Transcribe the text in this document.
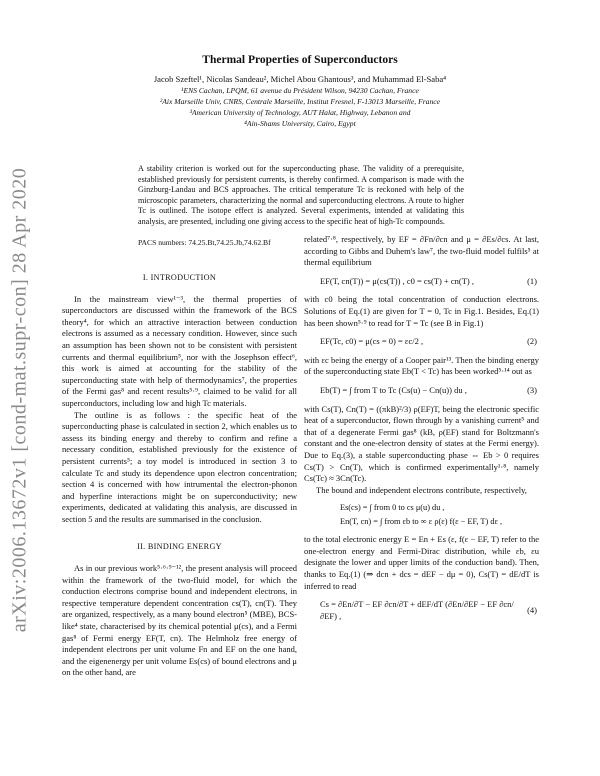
arXiv:2006.13672v1 [cond-mat.supr-con] 28 Apr 2020
Thermal Properties of Superconductors
Jacob Szeftel¹, Nicolas Sandeau², Michel Abou Ghantous³, and Muhammad El-Saba⁴
¹ENS Cachan, LPQM, 61 avenue du Président Wilson, 94230 Cachan, France
²Aix Marseille Univ, CNRS, Centrale Marseille, Institut Fresnel, F-13013 Marseille, France
³American University of Technology, AUT Halat, Highway, Lebanon and
⁴Ain-Shams University, Cairo, Egypt
A stability criterion is worked out for the superconducting phase. The validity of a prerequisite, established previously for persistent currents, is thereby confirmed. A comparison is made with the Ginzburg-Landau and BCS approaches. The critical temperature Tc is reckoned with help of the microscopic parameters, characterizing the normal and superconducting electrons. A route to higher Tc is outlined. The isotope effect is analyzed. Several experiments, intended at validating this analysis, are presented, including one giving access to the specific heat of high-Tc compounds.
PACS numbers: 74.25.Bt,74.25.Jb,74.62.Bf
I. INTRODUCTION
In the mainstream view¹⁻³, the thermal properties of superconductors are discussed within the framework of the BCS theory⁴, for which an attractive interaction between conduction electrons is assumed as a necessary condition. However, since such an assumption has been shown not to be consistent with persistent currents and thermal equilibrium⁵, nor with the Josephson effect⁶, this work is aimed at accounting for the stability of the superconducting state with help of thermodynamics⁷, the properties of the Fermi gas⁸ and recent results⁵·⁹, claimed to be valid for all superconductors, including low and high Tc materials.
The outline is as follows : the specific heat of the superconducting phase is calculated in section 2, which enables us to assess its binding energy and thereby to confirm and refine a necessary condition, established previously for the existence of persistent currents⁵; a toy model is introduced in section 3 to calculate Tc and study its dependence upon electron concentration; section 4 is concerned with how intrumental the electron-phonon and hyperfine interactions might be on superconductivity; new experiments, dedicated at validating this analysis, are discussed in section 5 and the results are summarised in the conclusion.
II. BINDING ENERGY
As in our previous work⁵·⁶·⁹⁻¹², the present analysis will proceed within the framework of the two-fluid model, for which the conduction electrons comprise bound and independent electrons, in respective temperature dependent concentration cs(T), cn(T). They are organized, respectively, as a many bound electron⁵ (MBE), BCS-like⁴ state, characterised by its chemical potential μ(cs), and a Fermi gas⁸ of Fermi energy EF(T, cn). The Helmholz free energy of independent electrons per unit volume Fn and EF on the one hand, and the eigenenergy per unit volume Es(cs) of bound electrons and μ on the other hand, are
related⁷·⁸, respectively, by EF = ∂Fn/∂cn and μ = ∂Es/∂cs. At last, according to Gibbs and Duhem's law⁷, the two-fluid model fulfils⁵ at thermal equilibrium
EF(T, cn(T)) = μ(cs(T)) , c0 = cs(T) + cn(T) ,	(1)
with c0 being the total concentration of conduction electrons. Solutions of Eq.(1) are given for T = 0, Tc in Fig.1. Besides, Eq.(1) has been shown⁵·⁹ to read for T = Tc (see B in Fig.1)
EF(Tc, c0) = μ(cs = 0) = εc/2 ,	(2)
with εc being the energy of a Cooper pair¹³. Then the binding energy of the superconducting state Eb(T < Tc) has been worked⁵·¹⁴ out as
Eb(T) = ∫ from T to Tc (Cs(u) − Cn(u)) du ,	(3)
with Cs(T), Cn(T) = ((πkB)²/3) ρ(EF)T, being the electronic specific heat of a superconductor, flown through by a vanishing current⁵ and that of a degenerate Fermi gas⁸ (kB, ρ(EF) stand for Boltzmann's constant and the one-electron density of states at the Fermi energy). Due to Eq.(3), a stable superconducting phase ⇔ Eb > 0 requires Cs(T) > Cn(T), which is confirmed experimentally¹·⁸, namely Cs(Tc) ≈ 3Cn(Tc).
The bound and independent electrons contribute, respectively,
Es(cs) = ∫ from 0 to cs μ(u) du ,
En(T, cn) = ∫ from εb to ∞ ε ρ(ε) f(ε − EF, T) dε ,
to the total electronic energy E = En + Es (ε, f(ε − EF, T) refer to the one-electron energy and Fermi-Dirac distribution, while εb, εu designate the lower and upper limits of the conduction band). Then, thanks to Eq.(1) (⇒ dcn + dcs = dEF − dμ = 0), Cs(T) = dE/dT is inferred to read
Cs = ∂En/∂T − EF ∂cn/∂T + dEF/dT (∂En/∂EF − EF ∂cn/∂EF) ,
(4)
